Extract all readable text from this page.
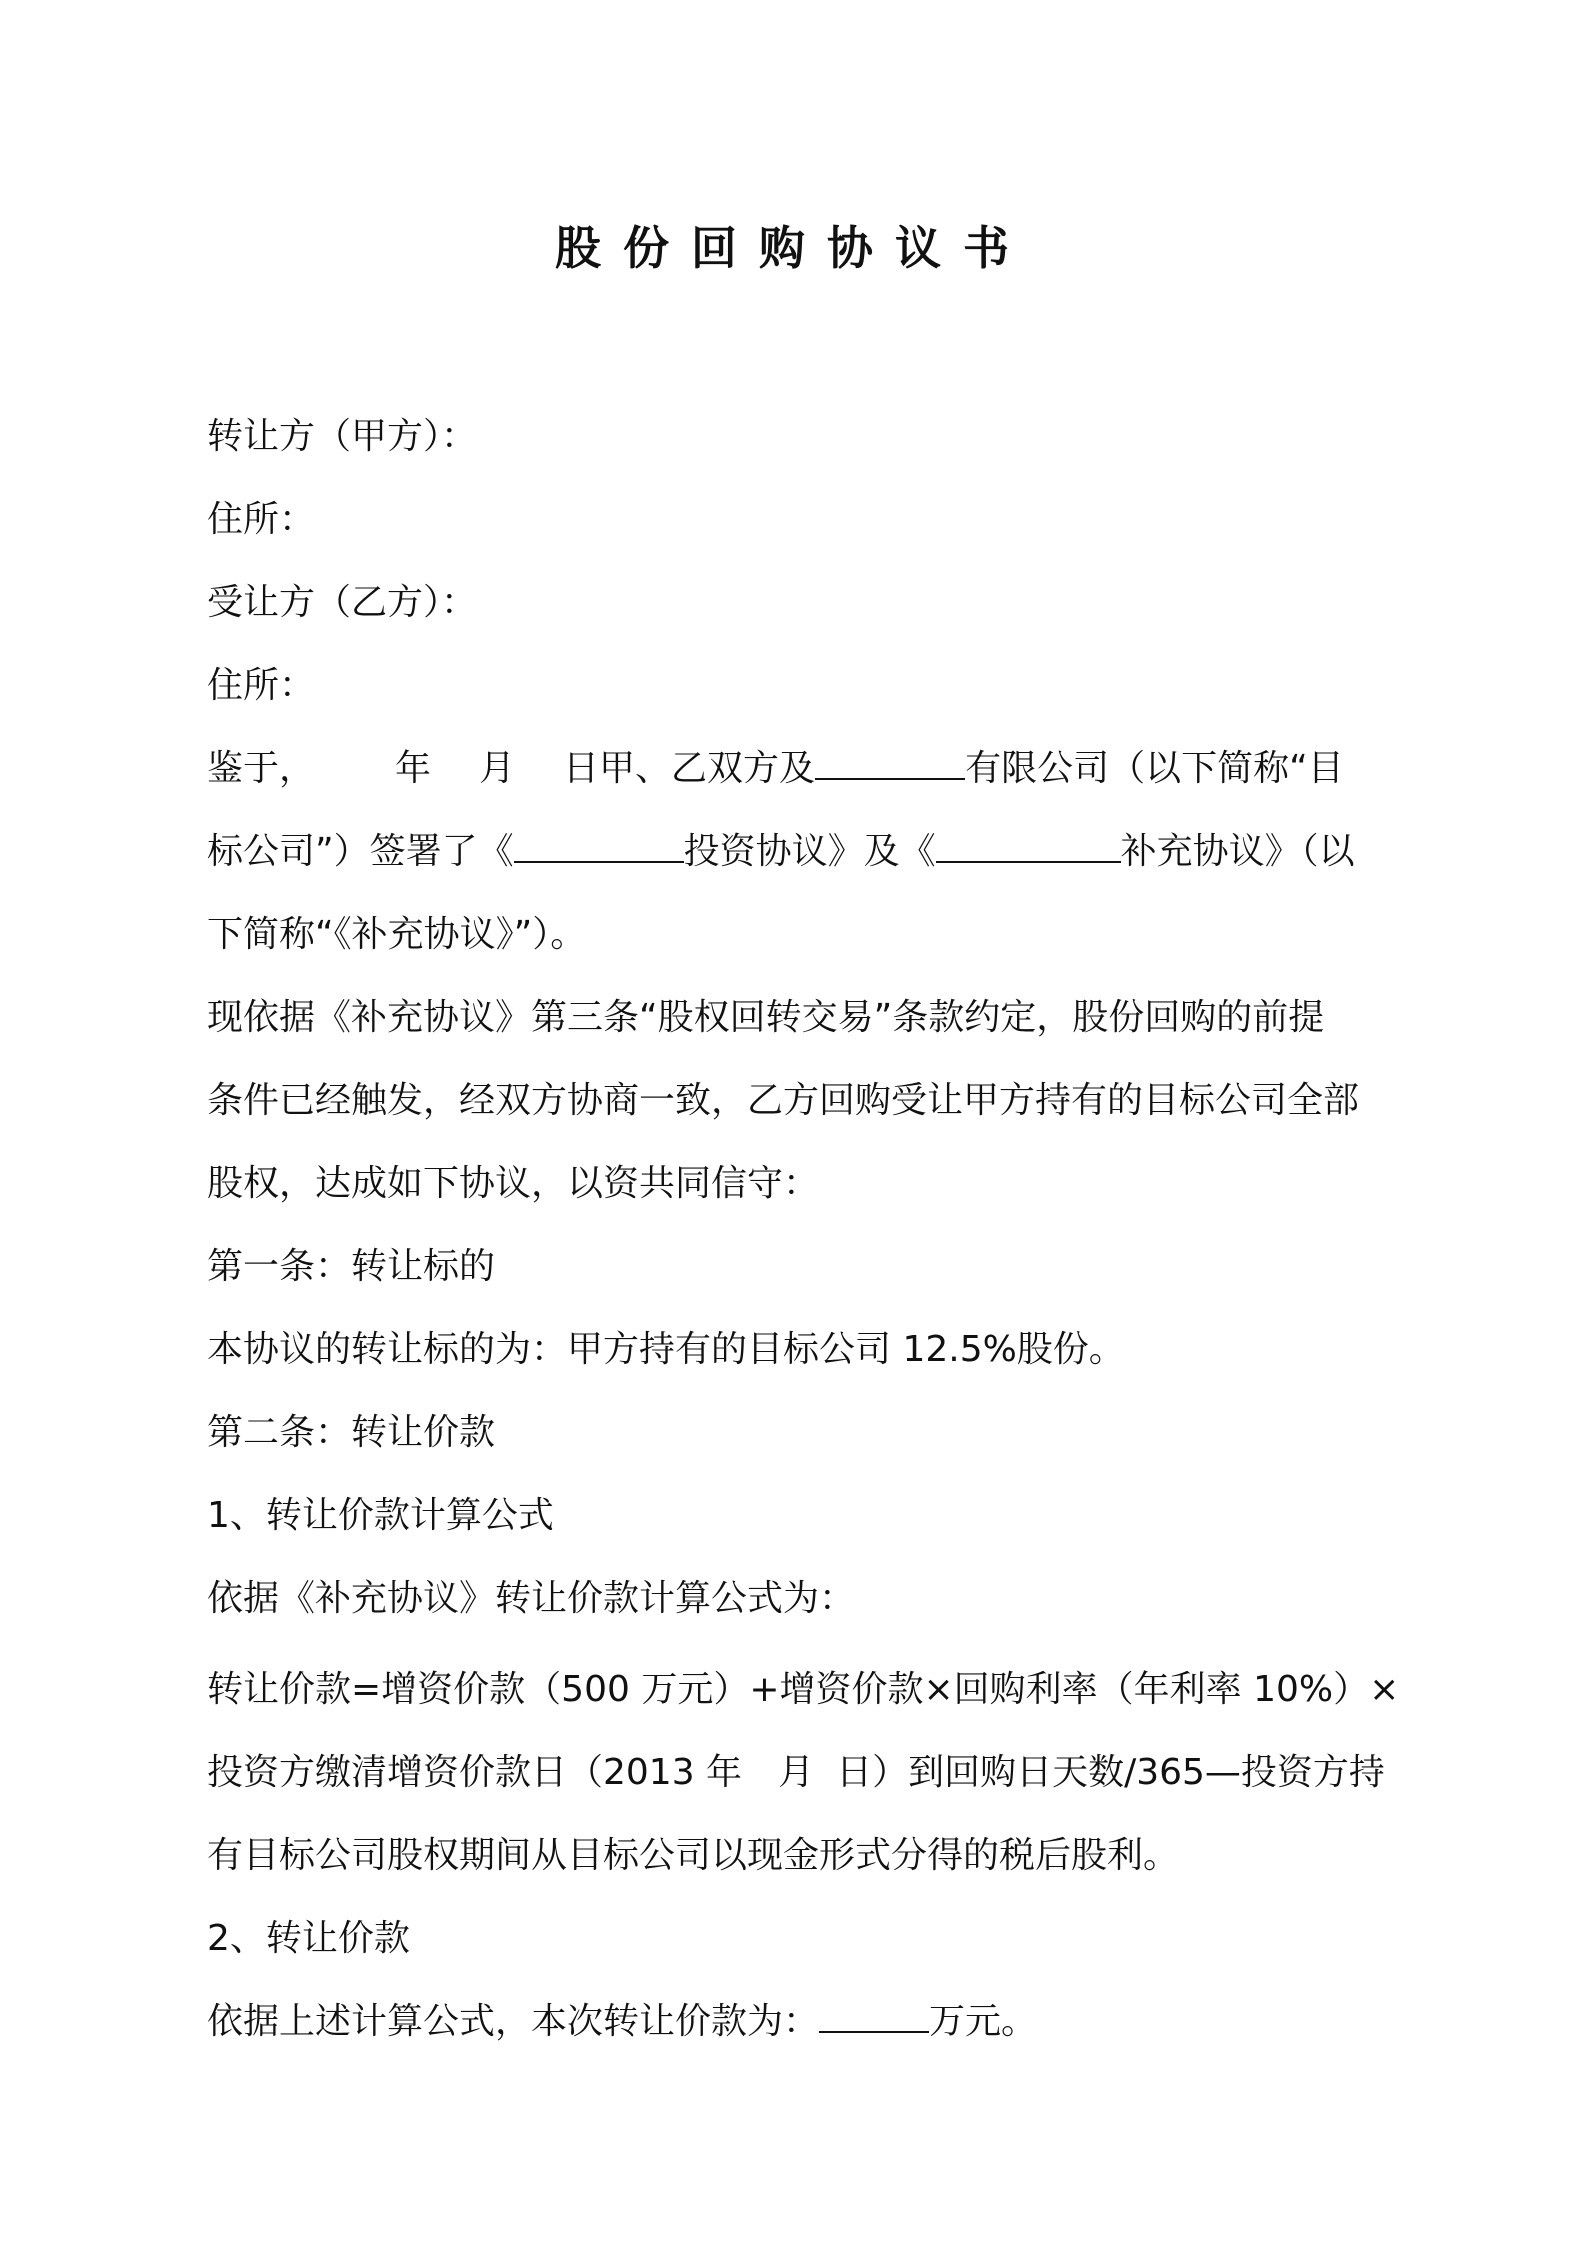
股份回购协议书
转让方（甲方）：
住所：
受让方（乙方）：
住所：
鉴于， 年 月 日甲、乙双方及	有限公司（以下简称“目
标公司”）签署了《	投资协议》及《	补充协议》（以
下简称“《补充协议》”）。
现依据《补充协议》第三条“股权回转交易”条款约定，股份回购的前提
条件已经触发，经双方协商一致，乙方回购受让甲方持有的目标公司全部
股权，达成如下协议，以资共同信守：
第一条：转让标的
本协议的转让标的为：甲方持有的目标公司 12.5%股份。
第二条：转让价款
1、转让价款计算公式
依据《补充协议》转让价款计算公式为：
转让价款=增资价款（500 万元）+增资价款×回购利率（年利率 10%）×
投资方缴清增资价款日（2013 年 月 日）到回购日天数/365—投资方持
有目标公司股权期间从目标公司以现金形式分得的税后股利。
2、转让价款
依据上述计算公式，本次转让价款为：	万元。
